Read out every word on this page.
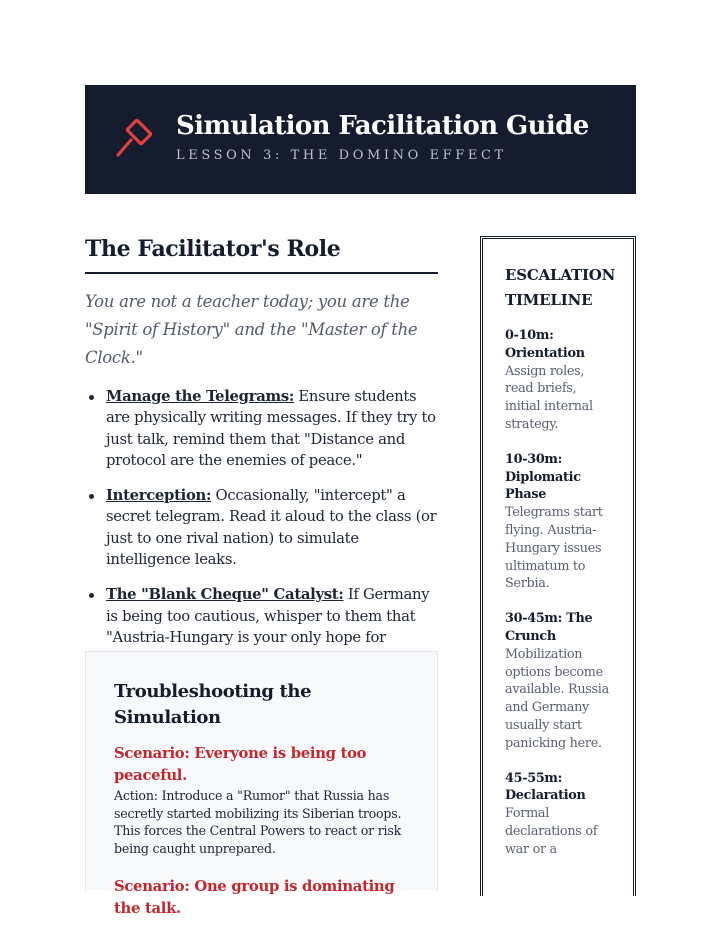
Simulation Facilitation Guide
LESSON 3: THE DOMINO EFFECT
The Facilitator's Role

You are not a teacher today; you are the "Spirit of History" and the "Master of the Clock."

Manage the Telegrams: Ensure students are physically writing messages. If they try to just talk, remind them that "Distance and protocol are the enemies of peace."
Interception: Occasionally, "intercept" a secret telegram. Read it aloud to the class (or just to one rival nation) to simulate intelligence leaks.
The "Blank Cheque" Catalyst: If Germany is being too cautious, whisper to them that "Austria-Hungary is your only hope for
Troubleshooting the Simulation
Scenario: Everyone is being too peaceful.
Action: Introduce a "Rumor" that Russia has secretly started mobilizing its Siberian troops. This forces the Central Powers to react or risk being caught unprepared.
Scenario: One group is dominating the talk.
ESCALATION TIMELINE
0-10m: Orientation
Assign roles, read briefs, initial internal strategy.
10-30m: Diplomatic Phase
Telegrams start flying. Austria-Hungary issues ultimatum to Serbia.
30-45m: The Crunch
Mobilization options become available. Russia and Germany usually start panicking here.
45-55m: Declaration
Formal declarations of war or a
